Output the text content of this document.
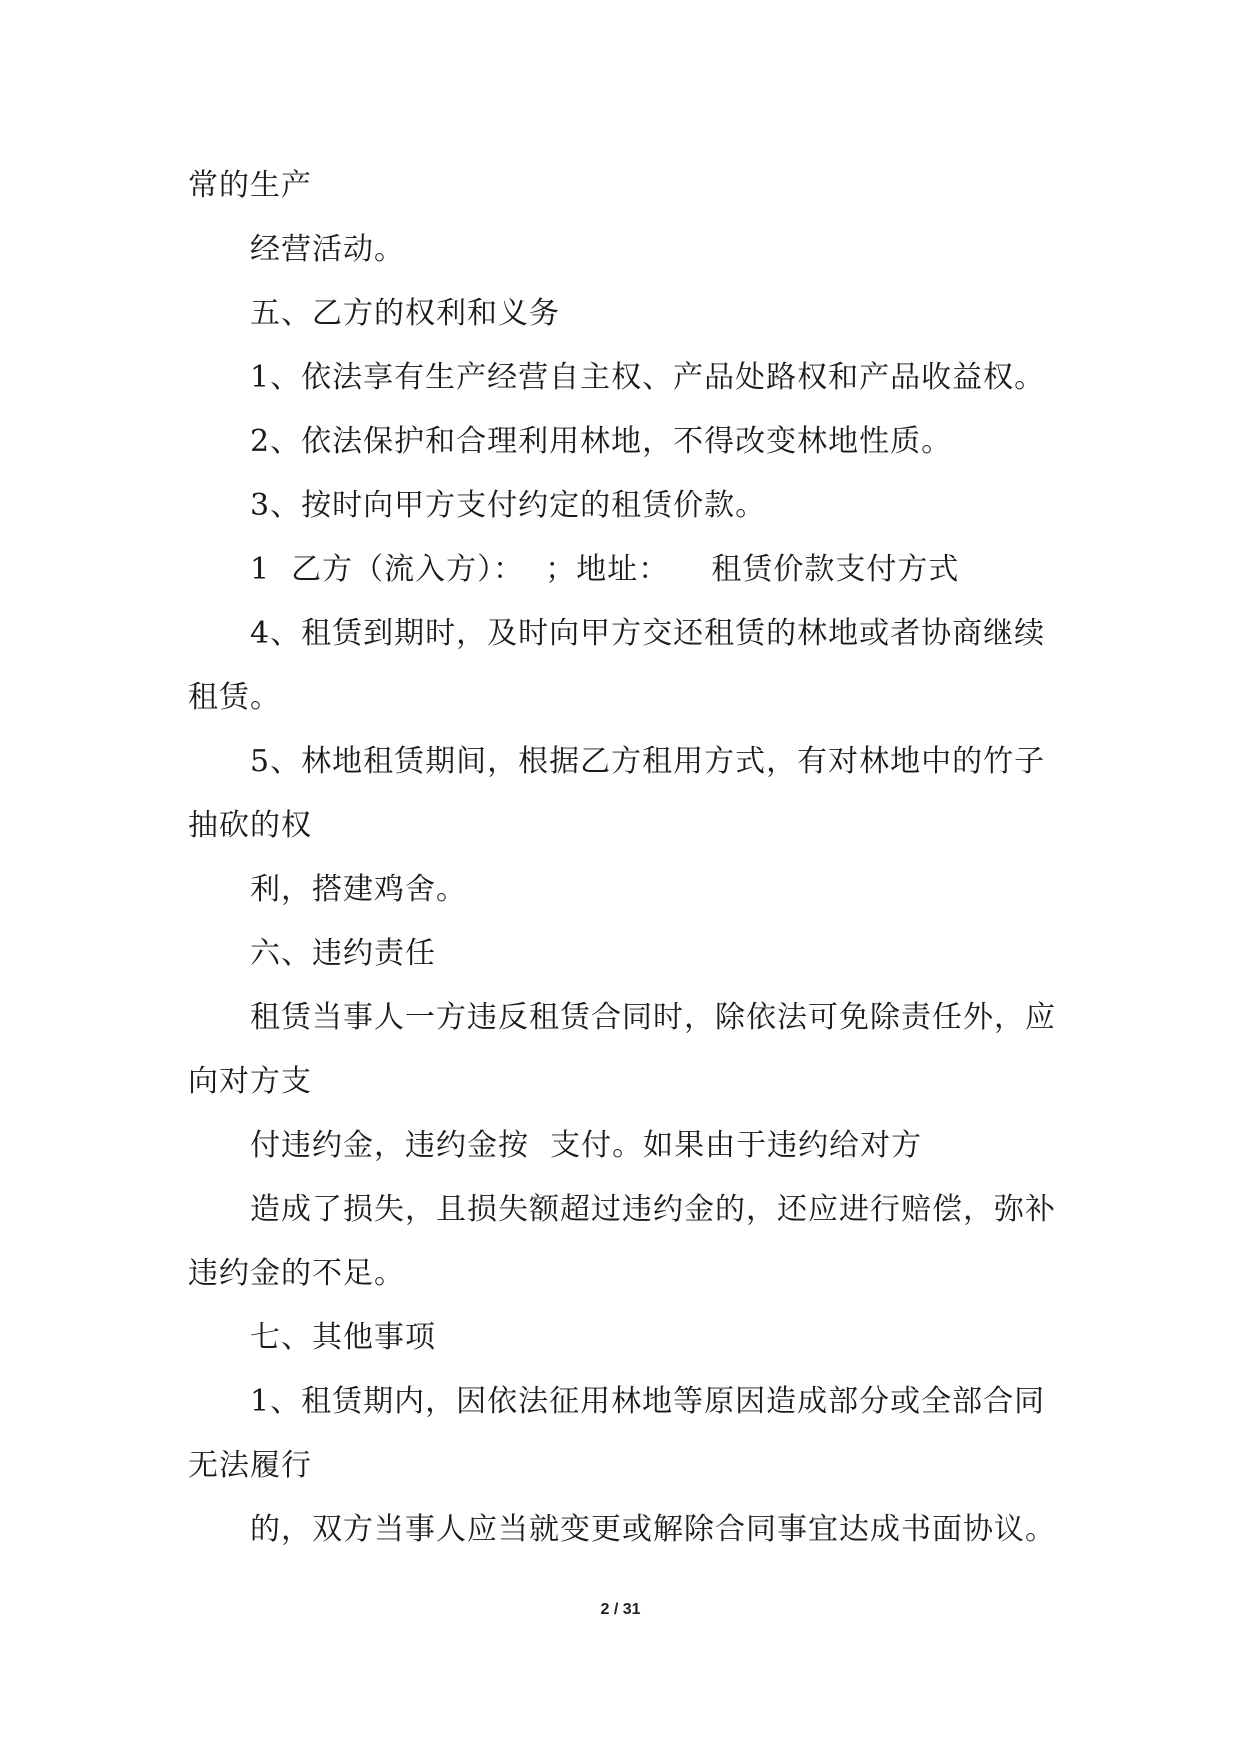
常的生产
经营活动。
五、乙方的权利和义务
1、依法享有生产经营自主权、产品处路权和产品收益权。
2、依法保护和合理利用林地，不得改变林地性质。
3、按时向甲方支付约定的租赁价款。
1  乙方（流入方）：  ；地址：    租赁价款支付方式
4、租赁到期时，及时向甲方交还租赁的林地或者协商继续
租赁。
5、林地租赁期间，根据乙方租用方式，有对林地中的竹子
抽砍的权
利，搭建鸡舍。
六、违约责任
租赁当事人一方违反租赁合同时，除依法可免除责任外，应
向对方支
付违约金，违约金按  支付。如果由于违约给对方
造成了损失，且损失额超过违约金的，还应进行赔偿，弥补
违约金的不足。
七、其他事项
1、租赁期内，因依法征用林地等原因造成部分或全部合同
无法履行
的，双方当事人应当就变更或解除合同事宜达成书面协议。
2 / 31
